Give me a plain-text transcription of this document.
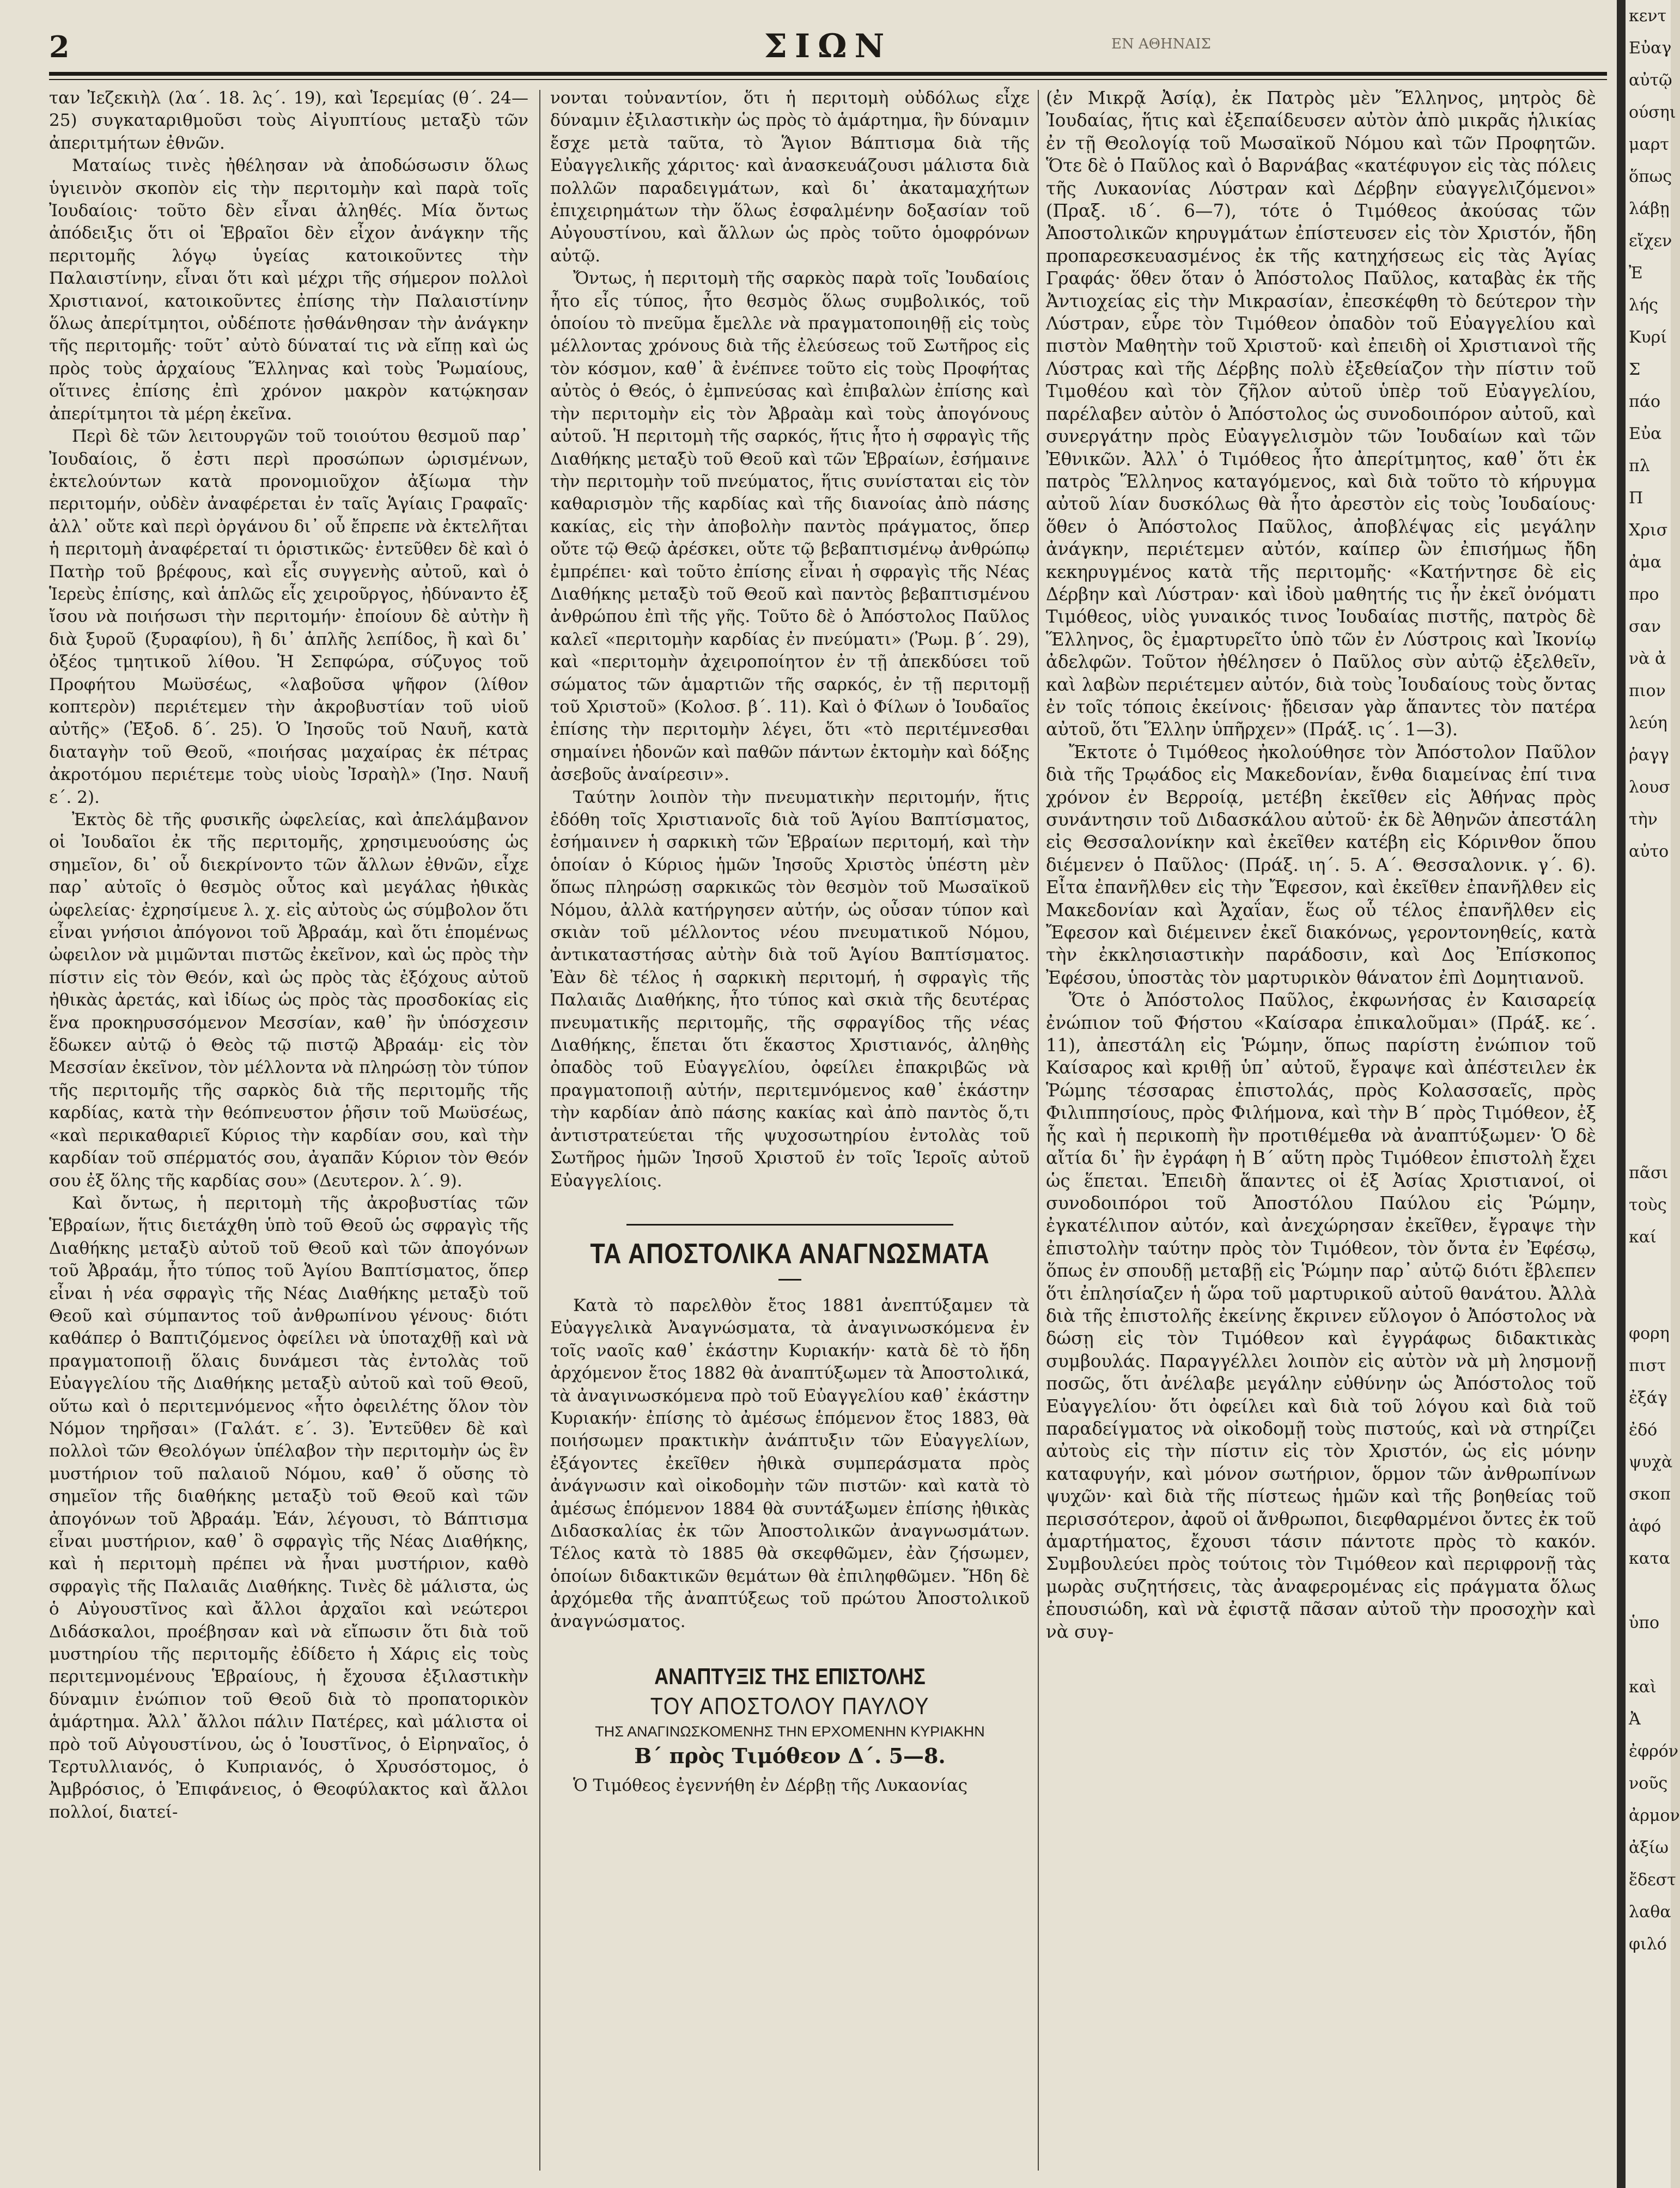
2	ΣΙΩΝ	ΕΝ ΑΘΗΝΑΙΣ

ταν Ἰεζεκιὴλ (λα΄. 18. λς΄. 19), καὶ Ἱερεμίας (θ΄. 24—25) συγκαταριθμοῦσι τοὺς Αἰγυπτίους μεταξὺ τῶν ἀπεριτμήτων ἐθνῶν.

Ματαίως τινὲς ἠθέλησαν νὰ ἀποδώσωσιν ὅλως ὑγιεινὸν σκοπὸν εἰς τὴν περιτομὴν καὶ παρὰ τοῖς Ἰουδαίοις· τοῦτο δὲν εἶναι ἀληθές. Μία ὄντως ἀπόδειξις ὅτι οἱ Ἑβραῖοι δὲν εἶχον ἀνάγκην τῆς περιτομῆς λόγῳ ὑγείας κατοικοῦντες τὴν Παλαιστίνην, εἶναι ὅτι καὶ μέχρι τῆς σήμερον πολλοὶ Χριστιανοί, κατοικοῦντες ἐπίσης τὴν Παλαιστίνην ὅλως ἀπερίτμητοι, οὐδέποτε ᾐσθάνθησαν τὴν ἀνάγκην τῆς περιτομῆς· τοῦτ᾽ αὐτὸ δύναταί τις νὰ εἴπῃ καὶ ὡς πρὸς τοὺς ἀρχαίους Ἕλληνας καὶ τοὺς Ῥωμαίους, οἵτινες ἐπίσης ἐπὶ χρόνον μακρὸν κατῴκησαν ἀπερίτμητοι τὰ μέρη ἐκεῖνα.

Περὶ δὲ τῶν λειτουργῶν τοῦ τοιούτου θεσμοῦ παρ᾽ Ἰουδαίοις, ὅ ἐστι περὶ προσώπων ὡρισμένων, ἐκτελούντων κατὰ προνομιοῦχον ἀξίωμα τὴν περιτομήν, οὐδὲν ἀναφέρεται ἐν ταῖς Ἁγίαις Γραφαῖς· ἀλλ᾽ οὔτε καὶ περὶ ὀργάνου δι᾽ οὗ ἔπρεπε νὰ ἐκτελῆται ἡ περιτομὴ ἀναφέρεταί τι ὁριστικῶς· ἐντεῦθεν δὲ καὶ ὁ Πατὴρ τοῦ βρέφους, καὶ εἷς συγγενὴς αὐτοῦ, καὶ ὁ Ἱερεὺς ἐπίσης, καὶ ἁπλῶς εἷς χειροῦργος, ἠδύναντο ἐξ ἴσου νὰ ποιήσωσι τὴν περιτομήν· ἐποίουν δὲ αὐτὴν ἢ διὰ ξυροῦ (ξυραφίου), ἢ δι᾽ ἁπλῆς λεπίδος, ἢ καὶ δι᾽ ὀξέος τμητικοῦ λίθου. Ἡ Σεπφώρα, σύζυγος τοῦ Προφήτου Μωϋσέως, «λαβοῦσα ψῆφον (λίθον κοπτερὸν) περιέτεμεν τὴν ἀκροβυστίαν τοῦ υἱοῦ αὐτῆς» (Ἐξοδ. δ΄. 25). Ὁ Ἰησοῦς τοῦ Ναυῆ, κατὰ διαταγὴν τοῦ Θεοῦ, «ποιήσας μαχαίρας ἐκ πέτρας ἀκροτόμου περιέτεμε τοὺς υἱοὺς Ἰσραὴλ» (Ἰησ. Ναυῆ ε΄. 2).

Ἐκτὸς δὲ τῆς φυσικῆς ὠφελείας, καὶ ἀπελάμβανον οἱ Ἰουδαῖοι ἐκ τῆς περιτομῆς, χρησιμευούσης ὡς σημεῖον, δι᾽ οὗ διεκρίνοντο τῶν ἄλλων ἐθνῶν, εἶχε παρ᾽ αὐτοῖς ὁ θεσμὸς οὗτος καὶ μεγάλας ἠθικὰς ὠφελείας· ἐχρησίμευε λ. χ. εἰς αὐτοὺς ὡς σύμβολον ὅτι εἶναι γνήσιοι ἀπόγονοι τοῦ Ἀβραάμ, καὶ ὅτι ἑπομένως ὠφειλον νὰ μιμῶνται πιστῶς ἐκεῖνον, καὶ ὡς πρὸς τὴν πίστιν εἰς τὸν Θεόν, καὶ ὡς πρὸς τὰς ἐξόχους αὐτοῦ ἠθικὰς ἀρετάς, καὶ ἰδίως ὡς πρὸς τὰς προσδοκίας εἰς ἕνα προκηρυσσόμενον Μεσσίαν, καθ᾽ ἣν ὑπόσχεσιν ἔδωκεν αὐτῷ ὁ Θεὸς τῷ πιστῷ Ἀβραάμ· εἰς τὸν Μεσσίαν ἐκεῖνον, τὸν μέλλοντα νὰ πληρώσῃ τὸν τύπον τῆς περιτομῆς τῆς σαρκὸς διὰ τῆς περιτομῆς τῆς καρδίας, κατὰ τὴν θεόπνευστον ῥῆσιν τοῦ Μωϋσέως, «καὶ περικαθαριεῖ Κύριος τὴν καρδίαν σου, καὶ τὴν καρδίαν τοῦ σπέρματός σου, ἀγαπᾶν Κύριον τὸν Θεόν σου ἐξ ὅλης τῆς καρδίας σου» (Δευτερον. λ΄. 9).

Καὶ ὄντως, ἡ περιτομὴ τῆς ἀκροβυστίας τῶν Ἑβραίων, ἥτις διετάχθη ὑπὸ τοῦ Θεοῦ ὡς σφραγὶς τῆς Διαθήκης μεταξὺ αὐτοῦ τοῦ Θεοῦ καὶ τῶν ἀπογόνων τοῦ Ἀβραάμ, ἦτο τύπος τοῦ Ἁγίου Βαπτίσματος, ὅπερ εἶναι ἡ νέα σφραγὶς τῆς Νέας Διαθήκης μεταξὺ τοῦ Θεοῦ καὶ σύμπαντος τοῦ ἀνθρωπίνου γένους· διότι καθάπερ ὁ Βαπτιζόμενος ὀφείλει νὰ ὑποταχθῇ καὶ νὰ πραγματοποιῇ ὅλαις δυνάμεσι τὰς ἐντολὰς τοῦ Εὐαγγελίου τῆς Διαθήκης μεταξὺ αὐτοῦ καὶ τοῦ Θεοῦ, οὕτω καὶ ὁ περιτεμνόμενος «ἦτο ὀφειλέτης ὅλον τὸν Νόμον τηρῆσαι» (Γαλάτ. ε΄. 3). Ἐντεῦθεν δὲ καὶ πολλοὶ τῶν Θεολόγων ὑπέλαβον τὴν περιτομὴν ὡς ἓν μυστήριον τοῦ παλαιοῦ Νόμου, καθ᾽ ὅ οὔσης τὸ σημεῖον τῆς διαθήκης μεταξὺ τοῦ Θεοῦ καὶ τῶν ἀπογόνων τοῦ Ἀβραάμ. Ἐάν, λέγουσι, τὸ Βάπτισμα εἶναι μυστήριον, καθ᾽ ὃ σφραγὶς τῆς Νέας Διαθήκης, καὶ ἡ περιτομὴ πρέπει νὰ ἦναι μυστήριον, καθὸ σφραγὶς τῆς Παλαιᾶς Διαθήκης. Τινὲς δὲ μάλιστα, ὡς ὁ Αὐγουστῖνος καὶ ἄλλοι ἀρχαῖοι καὶ νεώτεροι Διδάσκαλοι, προέβησαν καὶ νὰ εἴπωσιν ὅτι διὰ τοῦ μυστηρίου τῆς περιτομῆς ἐδίδετο ἡ Χάρις εἰς τοὺς περιτεμνομένους Ἑβραίους, ἡ ἔχουσα ἐξιλαστικὴν δύναμιν ἐνώπιον τοῦ Θεοῦ διὰ τὸ προπατορικὸν ἁμάρτημα. Ἀλλ᾽ ἄλλοι πάλιν Πατέρες, καὶ μάλιστα οἱ πρὸ τοῦ Αὐγουστίνου, ὡς ὁ Ἰουστῖνος, ὁ Εἰρηναῖος, ὁ Τερτυλλιανός, ὁ Κυπριανός, ὁ Χρυσόστομος, ὁ Ἀμβρόσιος, ὁ Ἐπιφάνειος, ὁ Θεοφύλακτος καὶ ἄλλοι πολλοί, διατεί-

νονται τοὐναντίον, ὅτι ἡ περιτομὴ οὐδόλως εἶχε δύναμιν ἐξιλαστικὴν ὡς πρὸς τὸ ἁμάρτημα, ἣν δύναμιν ἔσχε μετὰ ταῦτα, τὸ Ἅγιον Βάπτισμα διὰ τῆς Εὐαγγελικῆς χάριτος· καὶ ἀνασκευάζουσι μάλιστα διὰ πολλῶν παραδειγμάτων, καὶ δι᾽ ἀκαταμαχήτων ἐπιχειρημάτων τὴν ὅλως ἐσφαλμένην δοξασίαν τοῦ Αὐγουστίνου, καὶ ἄλλων ὡς πρὸς τοῦτο ὁμοφρόνων αὐτῷ.

Ὄντως, ἡ περιτομὴ τῆς σαρκὸς παρὰ τοῖς Ἰουδαίοις ἦτο εἷς τύπος, ἦτο θεσμὸς ὅλως συμβολικός, τοῦ ὁποίου τὸ πνεῦμα ἔμελλε νὰ πραγματοποιηθῇ εἰς τοὺς μέλλοντας χρόνους διὰ τῆς ἐλεύσεως τοῦ Σωτῆρος εἰς τὸν κόσμον, καθ᾽ ἃ ἐνέπνεε τοῦτο εἰς τοὺς Προφήτας αὐτὸς ὁ Θεός, ὁ ἐμπνεύσας καὶ ἐπιβαλὼν ἐπίσης καὶ τὴν περιτομὴν εἰς τὸν Ἀβραὰμ καὶ τοὺς ἀπογόνους αὐτοῦ. Ἡ περιτομὴ τῆς σαρκός, ἥτις ἦτο ἡ σφραγὶς τῆς Διαθήκης μεταξὺ τοῦ Θεοῦ καὶ τῶν Ἑβραίων, ἐσήμαινε τὴν περιτομὴν τοῦ πνεύματος, ἥτις συνίσταται εἰς τὸν καθαρισμὸν τῆς καρδίας καὶ τῆς διανοίας ἀπὸ πάσης κακίας, εἰς τὴν ἀποβολὴν παντὸς πράγματος, ὅπερ οὔτε τῷ Θεῷ ἀρέσκει, οὔτε τῷ βεβαπτισμένῳ ἀνθρώπῳ ἐμπρέπει· καὶ τοῦτο ἐπίσης εἶναι ἡ σφραγὶς τῆς Νέας Διαθήκης μεταξὺ τοῦ Θεοῦ καὶ παντὸς βεβαπτισμένου ἀνθρώπου ἐπὶ τῆς γῆς. Τοῦτο δὲ ὁ Ἀπόστολος Παῦλος καλεῖ «περιτομὴν καρδίας ἐν πνεύματι» (Ῥωμ. β΄. 29), καὶ «περιτομὴν ἀχειροποίητον ἐν τῇ ἀπεκδύσει τοῦ σώματος τῶν ἁμαρτιῶν τῆς σαρκός, ἐν τῇ περιτομῇ τοῦ Χριστοῦ» (Κολοσ. β΄. 11). Καὶ ὁ Φίλων ὁ Ἰουδαῖος ἐπίσης τὴν περιτομὴν λέγει, ὅτι «τὸ περιτέμνεσθαι σημαίνει ἡδονῶν καὶ παθῶν πάντων ἐκτομὴν καὶ δόξης ἀσεβοῦς ἀναίρεσιν».

Ταύτην λοιπὸν τὴν πνευματικὴν περιτομήν, ἥτις ἐδόθη τοῖς Χριστιανοῖς διὰ τοῦ Ἁγίου Βαπτίσματος, ἐσήμαινεν ἡ σαρκικὴ τῶν Ἑβραίων περιτομή, καὶ τὴν ὁποίαν ὁ Κύριος ἡμῶν Ἰησοῦς Χριστὸς ὑπέστη μὲν ὅπως πληρώσῃ σαρκικῶς τὸν θεσμὸν τοῦ Μωσαϊκοῦ Νόμου, ἀλλὰ κατήργησεν αὐτήν, ὡς οὖσαν τύπον καὶ σκιὰν τοῦ μέλλοντος νέου πνευματικοῦ Νόμου, ἀντικαταστήσας αὐτὴν διὰ τοῦ Ἁγίου Βαπτίσματος. Ἐὰν δὲ τέλος ἡ σαρκικὴ περιτομή, ἡ σφραγὶς τῆς Παλαιᾶς Διαθήκης, ἦτο τύπος καὶ σκιὰ τῆς δευτέρας πνευματικῆς περιτομῆς, τῆς σφραγίδος τῆς νέας Διαθήκης, ἕπεται ὅτι ἕκαστος Χριστιανός, ἀληθὴς ὀπαδὸς τοῦ Εὐαγγελίου, ὀφείλει ἐπακριβῶς νὰ πραγματοποιῇ αὐτήν, περιτεμνόμενος καθ᾽ ἑκάστην τὴν καρδίαν ἀπὸ πάσης κακίας καὶ ἀπὸ παντὸς ὅ,τι ἀντιστρατεύεται τῆς ψυχοσωτηρίου ἐντολὰς τοῦ Σωτῆρος ἡμῶν Ἰησοῦ Χριστοῦ ἐν τοῖς Ἱεροῖς αὐτοῦ Εὐαγγελίοις.

ΤΑ ΑΠΟΣΤΟΛΙΚΑ ΑΝΑΓΝΩΣΜΑΤΑ

Κατὰ τὸ παρελθὸν ἔτος 1881 ἀνεπτύξαμεν τὰ Εὐαγγελικὰ Ἀναγνώσματα, τὰ ἀναγινωσκόμενα ἐν τοῖς ναοῖς καθ᾽ ἑκάστην Κυριακήν· κατὰ δὲ τὸ ἤδη ἀρχόμενον ἔτος 1882 θὰ ἀναπτύξωμεν τὰ Ἀποστολικά, τὰ ἀναγινωσκόμενα πρὸ τοῦ Εὐαγγελίου καθ᾽ ἑκάστην Κυριακήν· ἐπίσης τὸ ἀμέσως ἑπόμενον ἔτος 1883, θὰ ποιήσωμεν πρακτικὴν ἀνάπτυξιν τῶν Εὐαγγελίων, ἐξάγοντες ἐκεῖθεν ἠθικὰ συμπεράσματα πρὸς ἀνάγνωσιν καὶ οἰκοδομὴν τῶν πιστῶν· καὶ κατὰ τὸ ἀμέσως ἑπόμενον 1884 θὰ συντάξωμεν ἐπίσης ἠθικὰς Διδασκαλίας ἐκ τῶν Ἀποστολικῶν ἀναγνωσμάτων. Τέλος κατὰ τὸ 1885 θὰ σκεφθῶμεν, ἐὰν ζήσωμεν, ὁποίων διδακτικῶν θεμάτων θὰ ἐπιληφθῶμεν. Ἤδη δὲ ἀρχόμεθα τῆς ἀναπτύξεως τοῦ πρώτου Ἀποστολικοῦ ἀναγνώσματος.

ΑΝΑΠΤΥΞΙΣ ΤΗΣ ΕΠΙΣΤΟΛΗΣ
ΤΟΥ ΑΠΟΣΤΟΛΟΥ ΠΑΥΛΟΥ
ΤΗΣ ΑΝΑΓΙΝΩΣΚΟΜΕΝΗΣ ΤΗΝ ΕΡΧΟΜΕΝΗΝ ΚΥΡΙΑΚΗΝ
Β΄ πρὸς Τιμόθεον Δ΄. 5—8.

Ὁ Τιμόθεος ἐγεννήθη ἐν Δέρβῃ τῆς Λυκαονίας

(ἐν Μικρᾷ Ἀσίᾳ), ἐκ Πατρὸς μὲν Ἕλληνος, μητρὸς δὲ Ἰουδαίας, ἥτις καὶ ἐξεπαίδευσεν αὐτὸν ἀπὸ μικρᾶς ἡλικίας ἐν τῇ Θεολογίᾳ τοῦ Μωσαϊκοῦ Νόμου καὶ τῶν Προφητῶν. Ὅτε δὲ ὁ Παῦλος καὶ ὁ Βαρνάβας «κατέφυγον εἰς τὰς πόλεις τῆς Λυκαονίας Λύστραν καὶ Δέρβην εὐαγγελιζόμενοι» (Πραξ. ιδ΄. 6—7), τότε ὁ Τιμόθεος ἀκούσας τῶν Ἀποστολικῶν κηρυγμάτων ἐπίστευσεν εἰς τὸν Χριστόν, ἤδη προπαρεσκευασμένος ἐκ τῆς κατηχήσεως εἰς τὰς Ἁγίας Γραφάς· ὅθεν ὅταν ὁ Ἀπόστολος Παῦλος, καταβὰς ἐκ τῆς Ἀντιοχείας εἰς τὴν Μικρασίαν, ἐπεσκέφθη τὸ δεύτερον τὴν Λύστραν, εὗρε τὸν Τιμόθεον ὀπαδὸν τοῦ Εὐαγγελίου καὶ πιστὸν Μαθητὴν τοῦ Χριστοῦ· καὶ ἐπειδὴ οἱ Χριστιανοὶ τῆς Λύστρας καὶ τῆς Δέρβης πολὺ ἐξεθείαζον τὴν πίστιν τοῦ Τιμοθέου καὶ τὸν ζῆλον αὐτοῦ ὑπὲρ τοῦ Εὐαγγελίου, παρέλαβεν αὐτὸν ὁ Ἀπόστολος ὡς συνοδοιπόρον αὐτοῦ, καὶ συνεργάτην πρὸς Εὐαγγελισμὸν τῶν Ἰουδαίων καὶ τῶν Ἐθνικῶν. Ἀλλ᾽ ὁ Τιμόθεος ἦτο ἀπερίτμητος, καθ᾽ ὅτι ἐκ πατρὸς Ἕλληνος καταγόμενος, καὶ διὰ τοῦτο τὸ κήρυγμα αὐτοῦ λίαν δυσκόλως θὰ ἦτο ἀρεστὸν εἰς τοὺς Ἰουδαίους· ὅθεν ὁ Ἀπόστολος Παῦλος, ἀποβλέψας εἰς μεγάλην ἀνάγκην, περιέτεμεν αὐτόν, καίπερ ὢν ἐπισήμως ἤδη κεκηρυγμένος κατὰ τῆς περιτομῆς· «Κατήντησε δὲ εἰς Δέρβην καὶ Λύστραν· καὶ ἰδοὺ μαθητής τις ἦν ἐκεῖ ὀνόματι Τιμόθεος, υἱὸς γυναικός τινος Ἰουδαίας πιστῆς, πατρὸς δὲ Ἕλληνος, ὃς ἐμαρτυρεῖτο ὑπὸ τῶν ἐν Λύστροις καὶ Ἰκονίῳ ἀδελφῶν. Τοῦτον ἠθέλησεν ὁ Παῦλος σὺν αὐτῷ ἐξελθεῖν, καὶ λαβὼν περιέτεμεν αὐτόν, διὰ τοὺς Ἰουδαίους τοὺς ὄντας ἐν τοῖς τόποις ἐκείνοις· ᾔδεισαν γὰρ ἅπαντες τὸν πατέρα αὐτοῦ, ὅτι Ἕλλην ὑπῆρχεν» (Πράξ. ις΄. 1—3).

Ἔκτοτε ὁ Τιμόθεος ἠκολούθησε τὸν Ἀπόστολον Παῦλον διὰ τῆς Τρῳάδος εἰς Μακεδονίαν, ἔνθα διαμείνας ἐπί τινα χρόνον ἐν Βερροίᾳ, μετέβη ἐκεῖθεν εἰς Ἀθήνας πρὸς συνάντησιν τοῦ Διδασκάλου αὐτοῦ· ἐκ δὲ Ἀθηνῶν ἀπεστάλη εἰς Θεσσαλονίκην καὶ ἐκεῖθεν κατέβη εἰς Κόρινθον ὅπου διέμενεν ὁ Παῦλος· (Πράξ. ιη΄. 5. Α΄. Θεσσαλονικ. γ΄. 6). Εἶτα ἐπανῆλθεν εἰς τὴν Ἔφεσον, καὶ ἐκεῖθεν ἐπανῆλθεν εἰς Μακεδονίαν καὶ Ἀχαΐαν, ἕως οὗ τέλος ἐπανῆλθεν εἰς Ἔφεσον καὶ διέμεινεν ἐκεῖ διακόνως, γεροντονηθείς, κατὰ τὴν ἐκκλησιαστικὴν παράδοσιν, καὶ Δος Ἐπίσκοπος Ἐφέσου, ὑποστὰς τὸν μαρτυρικὸν θάνατον ἐπὶ Δομητιανοῦ.

Ὅτε ὁ Ἀπόστολος Παῦλος, ἐκφωνήσας ἐν Καισαρείᾳ ἐνώπιον τοῦ Φήστου «Καίσαρα ἐπικαλοῦμαι» (Πράξ. κε΄. 11), ἀπεστάλη εἰς Ῥώμην, ὅπως παρίστη ἐνώπιον τοῦ Καίσαρος καὶ κριθῇ ὑπ᾽ αὐτοῦ, ἔγραψε καὶ ἀπέστειλεν ἐκ Ῥώμης τέσσαρας ἐπιστολάς, πρὸς Κολασσαεῖς, πρὸς Φιλιππησίους, πρὸς Φιλήμονα, καὶ τὴν Β΄ πρὸς Τιμόθεον, ἐξ ἧς καὶ ἡ περικοπὴ ἣν προτιθέμεθα νὰ ἀναπτύξωμεν· Ὁ δὲ αἴτία δι᾽ ἣν ἐγράφη ἡ Β΄ αὕτη πρὸς Τιμόθεον ἐπιστολὴ ἔχει ὡς ἕπεται. Ἐπειδὴ ἅπαντες οἱ ἐξ Ἀσίας Χριστιανοί, οἱ συνοδοιπόροι τοῦ Ἀποστόλου Παύλου εἰς Ῥώμην, ἐγκατέλιπον αὐτόν, καὶ ἀνεχώρησαν ἐκεῖθεν, ἔγραψε τὴν ἐπιστολὴν ταύτην πρὸς τὸν Τιμόθεον, τὸν ὄντα ἐν Ἐφέσῳ, ὅπως ἐν σπουδῇ μεταβῇ εἰς Ῥώμην παρ᾽ αὐτῷ διότι ἔβλεπεν ὅτι ἐπλησίαζεν ἡ ὥρα τοῦ μαρτυρικοῦ αὐτοῦ θανάτου. Ἀλλὰ διὰ τῆς ἐπιστολῆς ἐκείνης ἔκρινεν εὔλογον ὁ Ἀπόστολος νὰ δώσῃ εἰς τὸν Τιμόθεον καὶ ἐγγράφως διδακτικὰς συμβουλάς. Παραγγέλλει λοιπὸν εἰς αὐτὸν νὰ μὴ λησμονῇ ποσῶς, ὅτι ἀνέλαβε μεγάλην εὐθύνην ὡς Ἀπόστολος τοῦ Εὐαγγελίου· ὅτι ὀφείλει καὶ διὰ τοῦ λόγου καὶ διὰ τοῦ παραδείγματος νὰ οἰκοδομῇ τοὺς πιστούς, καὶ νὰ στηρίζει αὐτοὺς εἰς τὴν πίστιν εἰς τὸν Χριστόν, ὡς εἰς μόνην καταφυγήν, καὶ μόνον σωτήριον, ὅρμον τῶν ἀνθρωπίνων ψυχῶν· καὶ διὰ τῆς πίστεως ἡμῶν καὶ τῆς βοηθείας τοῦ περισσότερον, ἀφοῦ οἱ ἄνθρωποι, διεφθαρμένοι ὄντες ἐκ τοῦ ἁμαρτήματος, ἔχουσι τάσιν πάντοτε πρὸς τὸ κακόν. Συμβουλεύει πρὸς τούτοις τὸν Τιμόθεον καὶ περιφρονῇ τὰς μωρὰς συζητήσεις, τὰς ἀναφερομένας εἰς πράγματα ὅλως ἐπουσιώδη, καὶ νὰ ἐφιστᾷ πᾶσαν αὐτοῦ τὴν προσοχὴν καὶ νὰ συγ-

κεντ
Εὐαγ
αὐτῷ
ούσηι
μαρτ
ὅπως
λάβῃ
εἴχεν
Ἐ
λής
Κυρί
Σ
πάο
Εὐα
πλ
Π
Χρισ
ἀμα
προ
σαν
νὰ ἀ
πιον
λεύη
ῥαγγ
λουσ
τὴν
αὐτο
πᾶσι
τοὺς
καί
φορη
πιστ
ἐξάγ
ἐδό
ψυχὰ
σκοπ
ἀφό
κατα
ὑπο
καὶ
Ἀ
ἐφρόν
νοῦς
ἀρμον
ἀξίω
ἔδεστ
λαθα
φιλό
